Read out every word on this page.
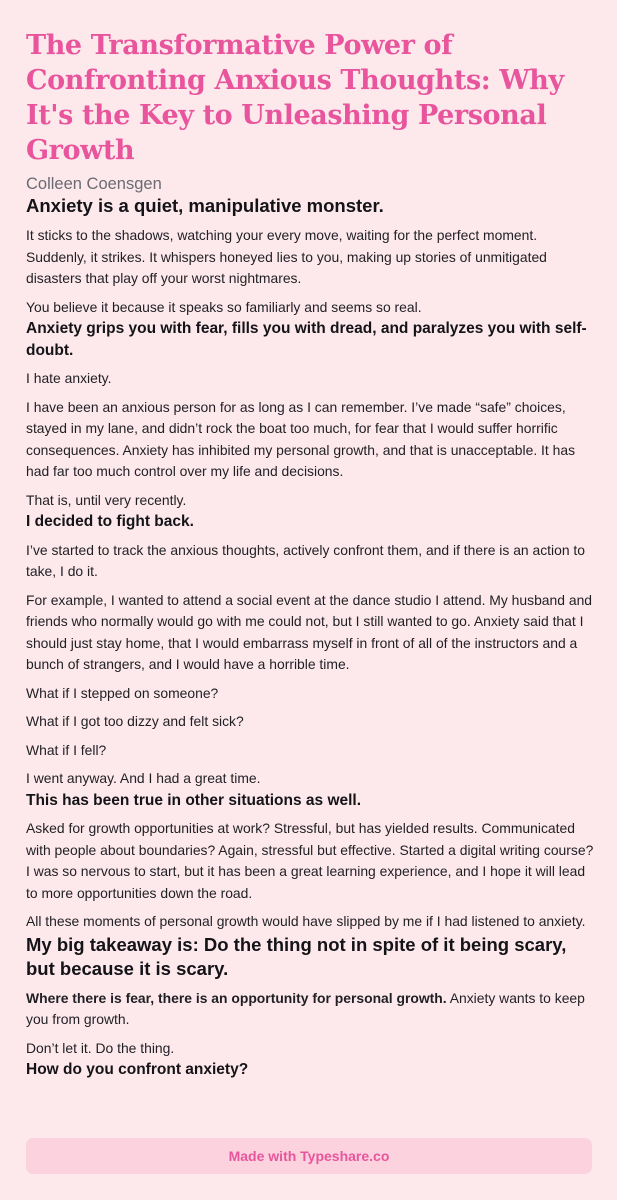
The Transformative Power of Confronting Anxious Thoughts: Why It's the Key to Unleashing Personal Growth
Colleen Coensgen
Anxiety is a quiet, manipulative monster.

It sticks to the shadows, watching your every move, waiting for the perfect moment. Suddenly, it strikes. It whispers honeyed lies to you, making up stories of unmitigated disasters that play off your worst nightmares.

You believe it because it speaks so familiarly and seems so real.

Anxiety grips you with fear, fills you with dread, and paralyzes you with self-doubt.

I hate anxiety.

I have been an anxious person for as long as I can remember. I’ve made “safe” choices, stayed in my lane, and didn’t rock the boat too much, for fear that I would suffer horrific consequences. Anxiety has inhibited my personal growth, and that is unacceptable. It has had far too much control over my life and decisions.

That is, until very recently.

I decided to fight back.

I’ve started to track the anxious thoughts, actively confront them, and if there is an action to take, I do it.

For example, I wanted to attend a social event at the dance studio I attend. My husband and friends who normally would go with me could not, but I still wanted to go. Anxiety said that I should just stay home, that I would embarrass myself in front of all of the instructors and a bunch of strangers, and I would have a horrible time.

What if I stepped on someone?

What if I got too dizzy and felt sick?

What if I fell?

I went anyway. And I had a great time.

This has been true in other situations as well.

Asked for growth opportunities at work? Stressful, but has yielded results. Communicated with people about boundaries? Again, stressful but effective. Started a digital writing course? I was so nervous to start, but it has been a great learning experience, and I hope it will lead to more opportunities down the road.

All these moments of personal growth would have slipped by me if I had listened to anxiety.

My big takeaway is: Do the thing not in spite of it being scary, but because it is scary.

Where there is fear, there is an opportunity for personal growth. Anxiety wants to keep you from growth.

Don’t let it. Do the thing.

How do you confront anxiety?
Made with Typeshare.co
